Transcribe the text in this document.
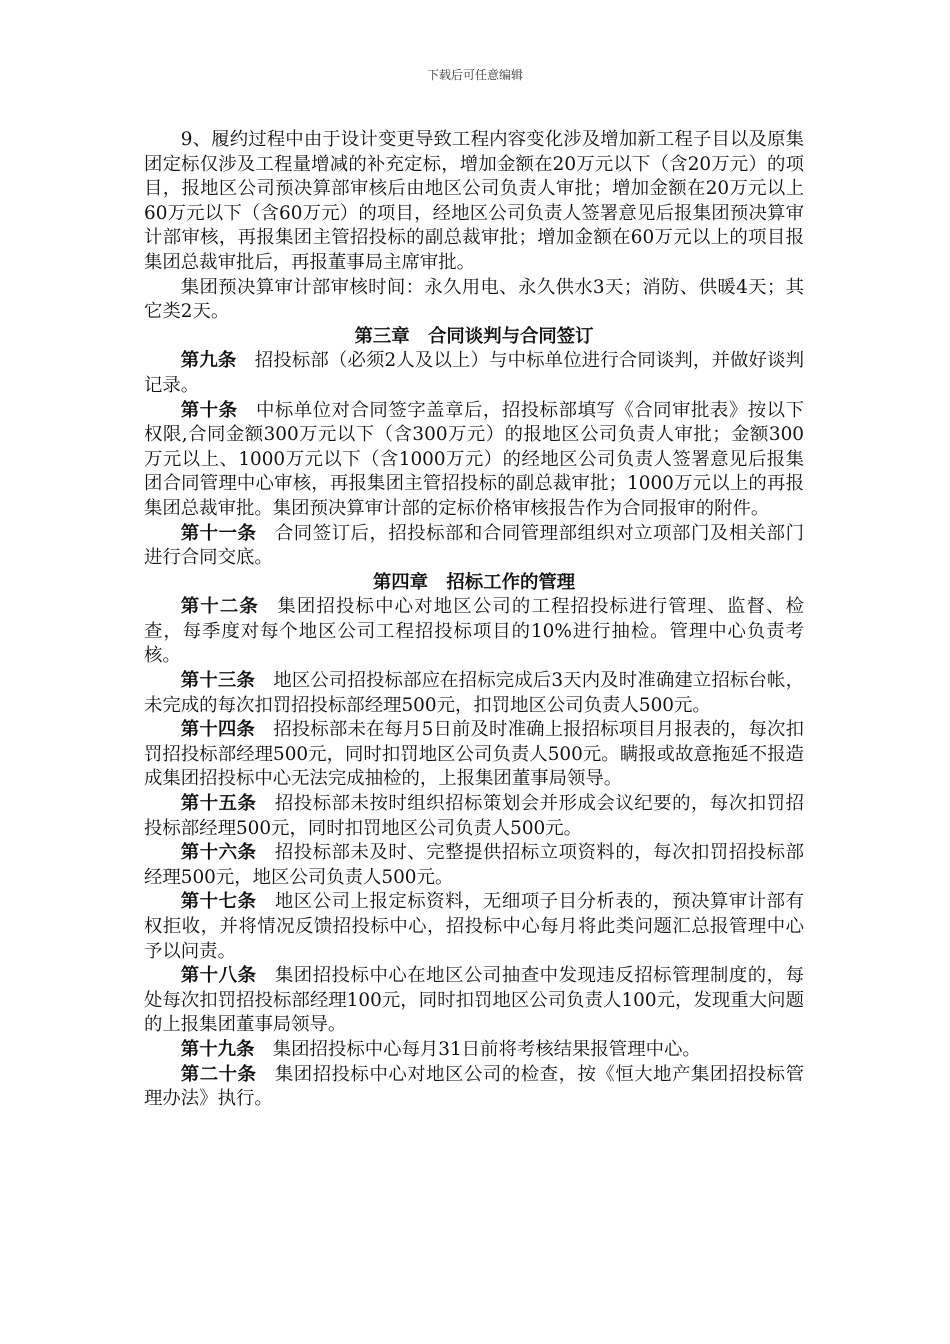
下载后可任意编辑

9、履约过程中由于设计变更导致工程内容变化涉及增加新工程子目以及原集团定标仅涉及工程量增减的补充定标，增加金额在20万元以下（含20万元）的项目，报地区公司预决算部审核后由地区公司负责人审批；增加金额在20万元以上60万元以下（含60万元）的项目，经地区公司负责人签署意见后报集团预决算审计部审核，再报集团主管招投标的副总裁审批；增加金额在60万元以上的项目报集团总裁审批后，再报董事局主席审批。

集团预决算审计部审核时间：永久用电、永久供水3天；消防、供暖4天；其它类2天。

第三章　合同谈判与合同签订

第九条 招投标部（必须2人及以上）与中标单位进行合同谈判，并做好谈判记录。

第十条 中标单位对合同签字盖章后，招投标部填写《合同审批表》按以下权限,合同金额300万元以下（含300万元）的报地区公司负责人审批；金额300万元以上、1000万元以下（含1000万元）的经地区公司负责人签署意见后报集团合同管理中心审核，再报集团主管招投标的副总裁审批；1000万元以上的再报集团总裁审批。集团预决算审计部的定标价格审核报告作为合同报审的附件。

第十一条 合同签订后，招投标部和合同管理部组织对立项部门及相关部门进行合同交底。

第四章　招标工作的管理

第十二条 集团招投标中心对地区公司的工程招投标进行管理、监督、检查，每季度对每个地区公司工程招投标项目的10%进行抽检。管理中心负责考核。

第十三条 地区公司招投标部应在招标完成后3天内及时准确建立招标台帐，未完成的每次扣罚招投标部经理500元，扣罚地区公司负责人500元。

第十四条 招投标部未在每月5日前及时准确上报招标项目月报表的，每次扣罚招投标部经理500元，同时扣罚地区公司负责人500元。瞒报或故意拖延不报造成集团招投标中心无法完成抽检的，上报集团董事局领导。

第十五条 招投标部未按时组织招标策划会并形成会议纪要的，每次扣罚招投标部经理500元，同时扣罚地区公司负责人500元。

第十六条 招投标部未及时、完整提供招标立项资料的，每次扣罚招投标部经理500元，地区公司负责人500元。

第十七条 地区公司上报定标资料，无细项子目分析表的，预决算审计部有权拒收，并将情况反馈招投标中心，招投标中心每月将此类问题汇总报管理中心予以问责。

第十八条 集团招投标中心在地区公司抽查中发现违反招标管理制度的，每处每次扣罚招投标部经理100元，同时扣罚地区公司负责人100元，发现重大问题的上报集团董事局领导。

第十九条 集团招投标中心每月31日前将考核结果报管理中心。

第二十条 集团招投标中心对地区公司的检查，按《恒大地产集团招投标管理办法》执行。
